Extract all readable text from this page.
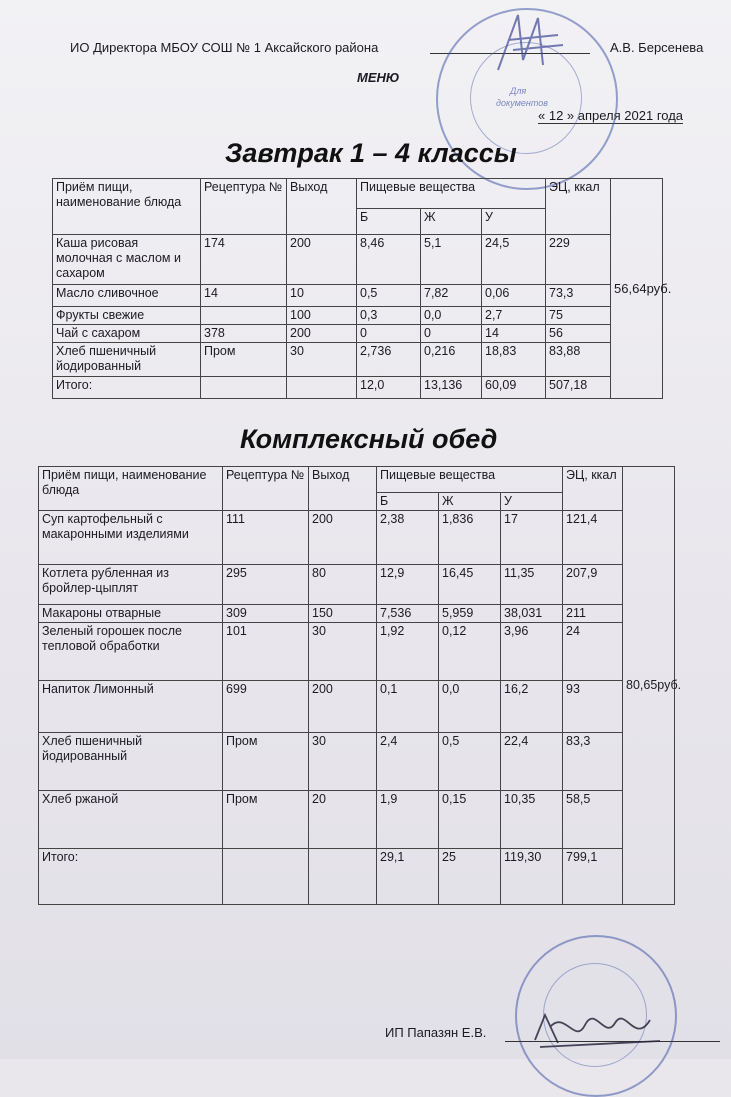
ИО Директора МБОУ СОШ № 1 Аксайского района	А.В. Берсенева
МЕНЮ
« 12 » апреля 2021 года
Для
документов
Завтрак 1 – 4 классы
Приём пищи, наименование блюда	Рецептура №	Выход	Пищевые вещества			ЭЦ, ккал	56,64руб.
			Б	Ж	У		
Каша рисовая молочная с маслом и сахаром	174	200	8,46	5,1	24,5	229	
Масло сливочное	14	10	0,5	7,82	0,06	73,3	
Фрукты свежие		100	0,3	0,0	2,7	75	
Чай с сахаром	378	200	0	0	14	56	
Хлеб пшеничный йодированный	Пром	30	2,736	0,216	18,83	83,88	
Итого:			12,0	13,136	60,09	507,18	
Комплексный обед
Приём пищи, наименование блюда	Рецептура №	Выход	Пищевые вещества			ЭЦ, ккал	80,65руб.
			Б	Ж	У		
Суп картофельный с макаронными изделиями	111	200	2,38	1,836	17	121,4	
Котлета рубленная из бройлер-цыплят	295	80	12,9	16,45	11,35	207,9	
Макароны отварные	309	150	7,536	5,959	38,031	211	
Зеленый горошек после тепловой обработки	101	30	1,92	0,12	3,96	24	
Напиток Лимонный	699	200	0,1	0,0	16,2	93	
Хлеб пшеничный йодированный	Пром	30	2,4	0,5	22,4	83,3	
Хлеб ржаной	Пром	20	1,9	0,15	10,35	58,5	
Итого:			29,1	25	119,30	799,1	
ИП Папазян Е.В.
